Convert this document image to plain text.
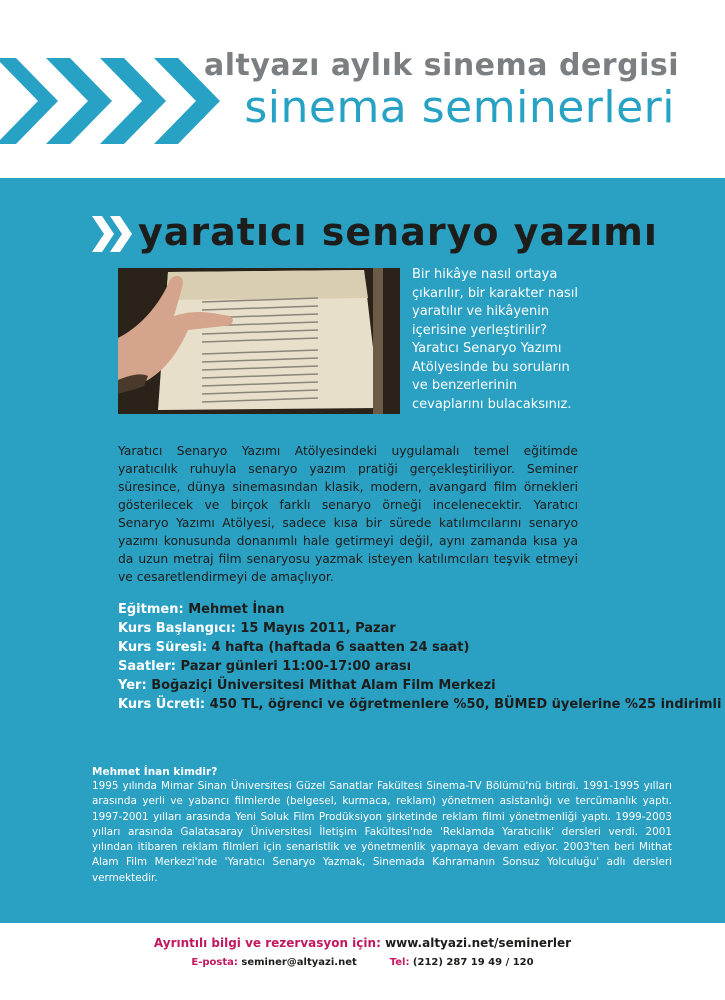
altyazı aylık sinema dergisi
sinema seminerleri
yaratıcı senaryo yazımı
Bir hikâye nasıl ortaya çıkarılır, bir karakter nasıl yaratılır ve hikâyenin içerisine yerleştirilir? Yaratıcı Senaryo Yazımı Atölyesinde bu soruların ve benzerlerinin cevaplarını bulacaksınız.
Yaratıcı Senaryo Yazımı Atölyesindeki uygulamalı temel eğitimde yaratıcılık ruhuyla senaryo yazım pratiği gerçekleştiriliyor. Seminer süresince, dünya sinemasından klasik, modern, avangard film örnekleri gösterilecek ve birçok farklı senaryo örneği incelenecektir. Yaratıcı Senaryo Yazımı Atölyesi, sadece kısa bir sürede katılımcılarını senaryo yazımı konusunda donanımlı hale getirmeyi değil, aynı zamanda kısa ya da uzun metraj film senaryosu yazmak isteyen katılımcıları teşvik etmeyi ve cesaretlendirmeyi de amaçlıyor.
Eğitmen: Mehmet İnan
Kurs Başlangıcı: 15 Mayıs 2011, Pazar
Kurs Süresi: 4 hafta (haftada 6 saatten 24 saat)
Saatler: Pazar günleri 11:00-17:00 arası
Yer: Boğaziçi Üniversitesi Mithat Alam Film Merkezi
Kurs Ücreti: 450 TL, öğrenci ve öğretmenlere %50, BÜMED üyelerine %25 indirimli
Mehmet İnan kimdir?
1995 yılında Mimar Sinan Üniversitesi Güzel Sanatlar Fakültesi Sinema-TV Bölümü'nü bitirdi. 1991-1995 yılları arasında yerli ve yabancı filmlerde (belgesel, kurmaca, reklam) yönetmen asistanlığı ve tercümanlık yaptı. 1997-2001 yılları arasında Yeni Soluk Film Prodüksiyon şirketinde reklam filmi yönetmenliği yaptı. 1999-2003 yılları arasında Galatasaray Üniversitesi İletişim Fakültesi'nde 'Reklamda Yaratıcılık' dersleri verdi. 2001 yılından itibaren reklam filmleri için senaristlik ve yönetmenlik yapmaya devam ediyor. 2003'ten beri Mithat Alam Film Merkezi'nde 'Yaratıcı Senaryo Yazmak, Sinemada Kahramanın Sonsuz Yolculuğu' adlı dersleri vermektedir.
Ayrıntılı bilgi ve rezervasyon için: www.altyazi.net/seminerler
E-posta: seminer@altyazi.net	Tel: (212) 287 19 49 / 120
